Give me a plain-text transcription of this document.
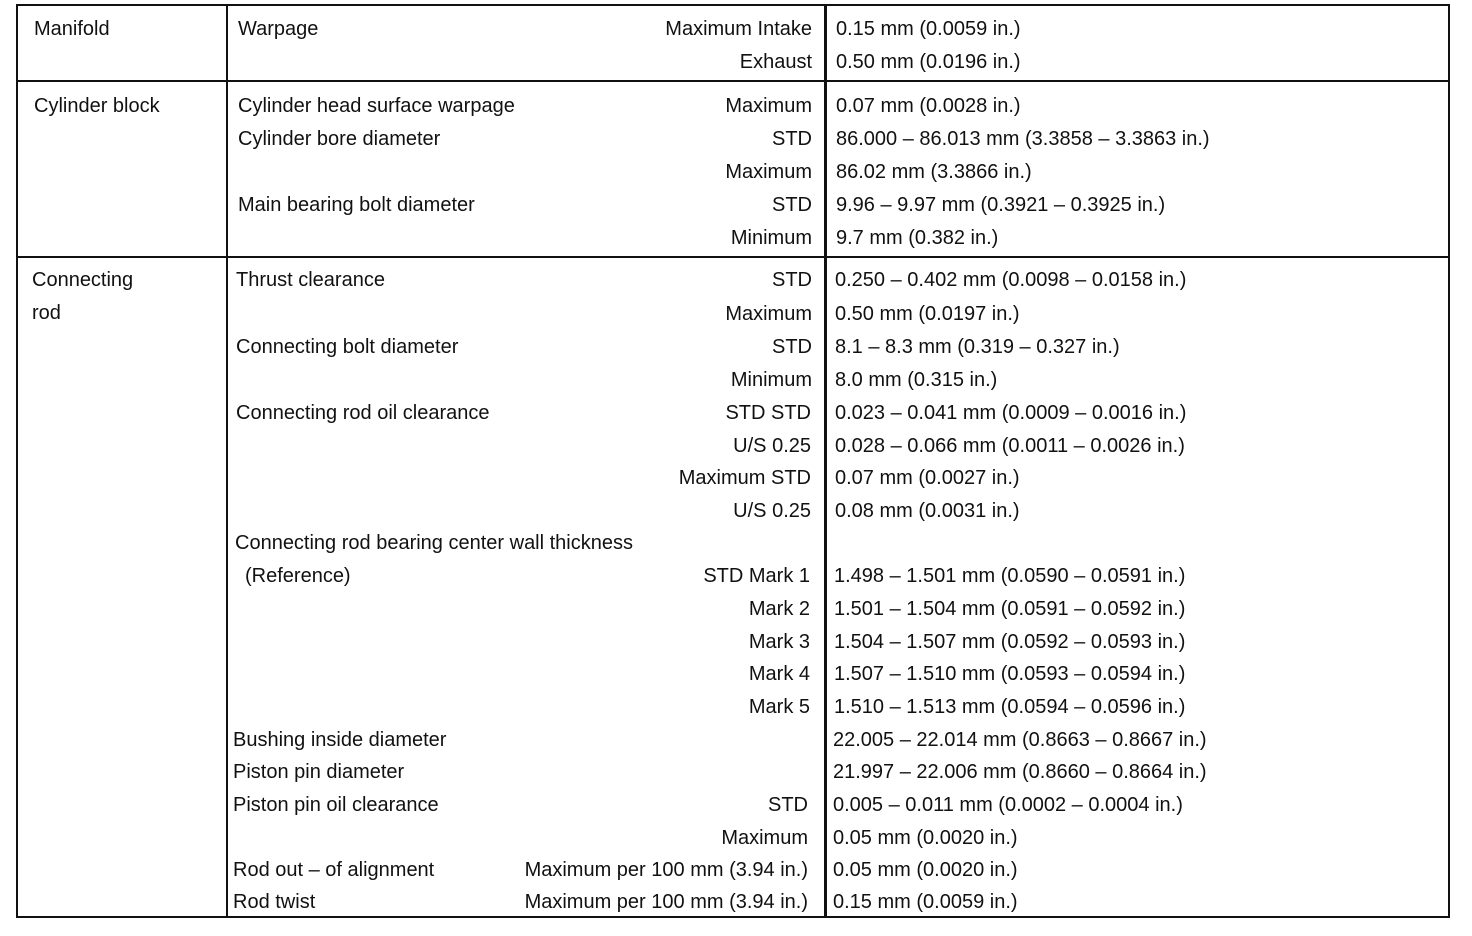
Manifold	Warpage	Maximum Intake 0.15 mm (0.0059 in.)
Exhaust 0.50 mm (0.0196 in.)
Cylinder block	Cylinder head surface warpage	Maximum 0.07 mm (0.0028 in.)
Cylinder bore diameter	STD 86.000 – 86.013 mm (3.3858 – 3.3863 in.)
Maximum 86.02 mm (3.3866 in.)
Main bearing bolt diameter	STD 9.96 – 9.97 mm (0.3921 – 0.3925 in.)
Minimum 9.7 mm (0.382 in.)
Connecting
rod
Thrust clearance	STD 0.250 – 0.402 mm (0.0098 – 0.0158 in.)
Maximum 0.50 mm (0.0197 in.)
Connecting bolt diameter	STD 8.1 – 8.3 mm (0.319 – 0.327 in.)
Minimum 8.0 mm (0.315 in.)
Connecting rod oil clearance	STD STD 0.023 – 0.041 mm (0.0009 – 0.0016 in.)
U/S 0.25 0.028 – 0.066 mm (0.0011 – 0.0026 in.)
Maximum STD 0.07 mm (0.0027 in.)
U/S 0.25 0.08 mm (0.0031 in.)
Connecting rod bearing center wall thickness
(Reference)	STD Mark 1 1.498 – 1.501 mm (0.0590 – 0.0591 in.)
Mark 2 1.501 – 1.504 mm (0.0591 – 0.0592 in.)
Mark 3 1.504 – 1.507 mm (0.0592 – 0.0593 in.)
Mark 4 1.507 – 1.510 mm (0.0593 – 0.0594 in.)
Mark 5 1.510 – 1.513 mm (0.0594 – 0.0596 in.)
Bushing inside diameter	22.005 – 22.014 mm (0.8663 – 0.8667 in.)
Piston pin diameter	21.997 – 22.006 mm (0.8660 – 0.8664 in.)
Piston pin oil clearance	STD 0.005 – 0.011 mm (0.0002 – 0.0004 in.)
Maximum 0.05 mm (0.0020 in.)
Rod out – of alignment	Maximum per 100 mm (3.94 in.) 0.05 mm (0.0020 in.)
Rod twist	Maximum per 100 mm (3.94 in.) 0.15 mm (0.0059 in.)
